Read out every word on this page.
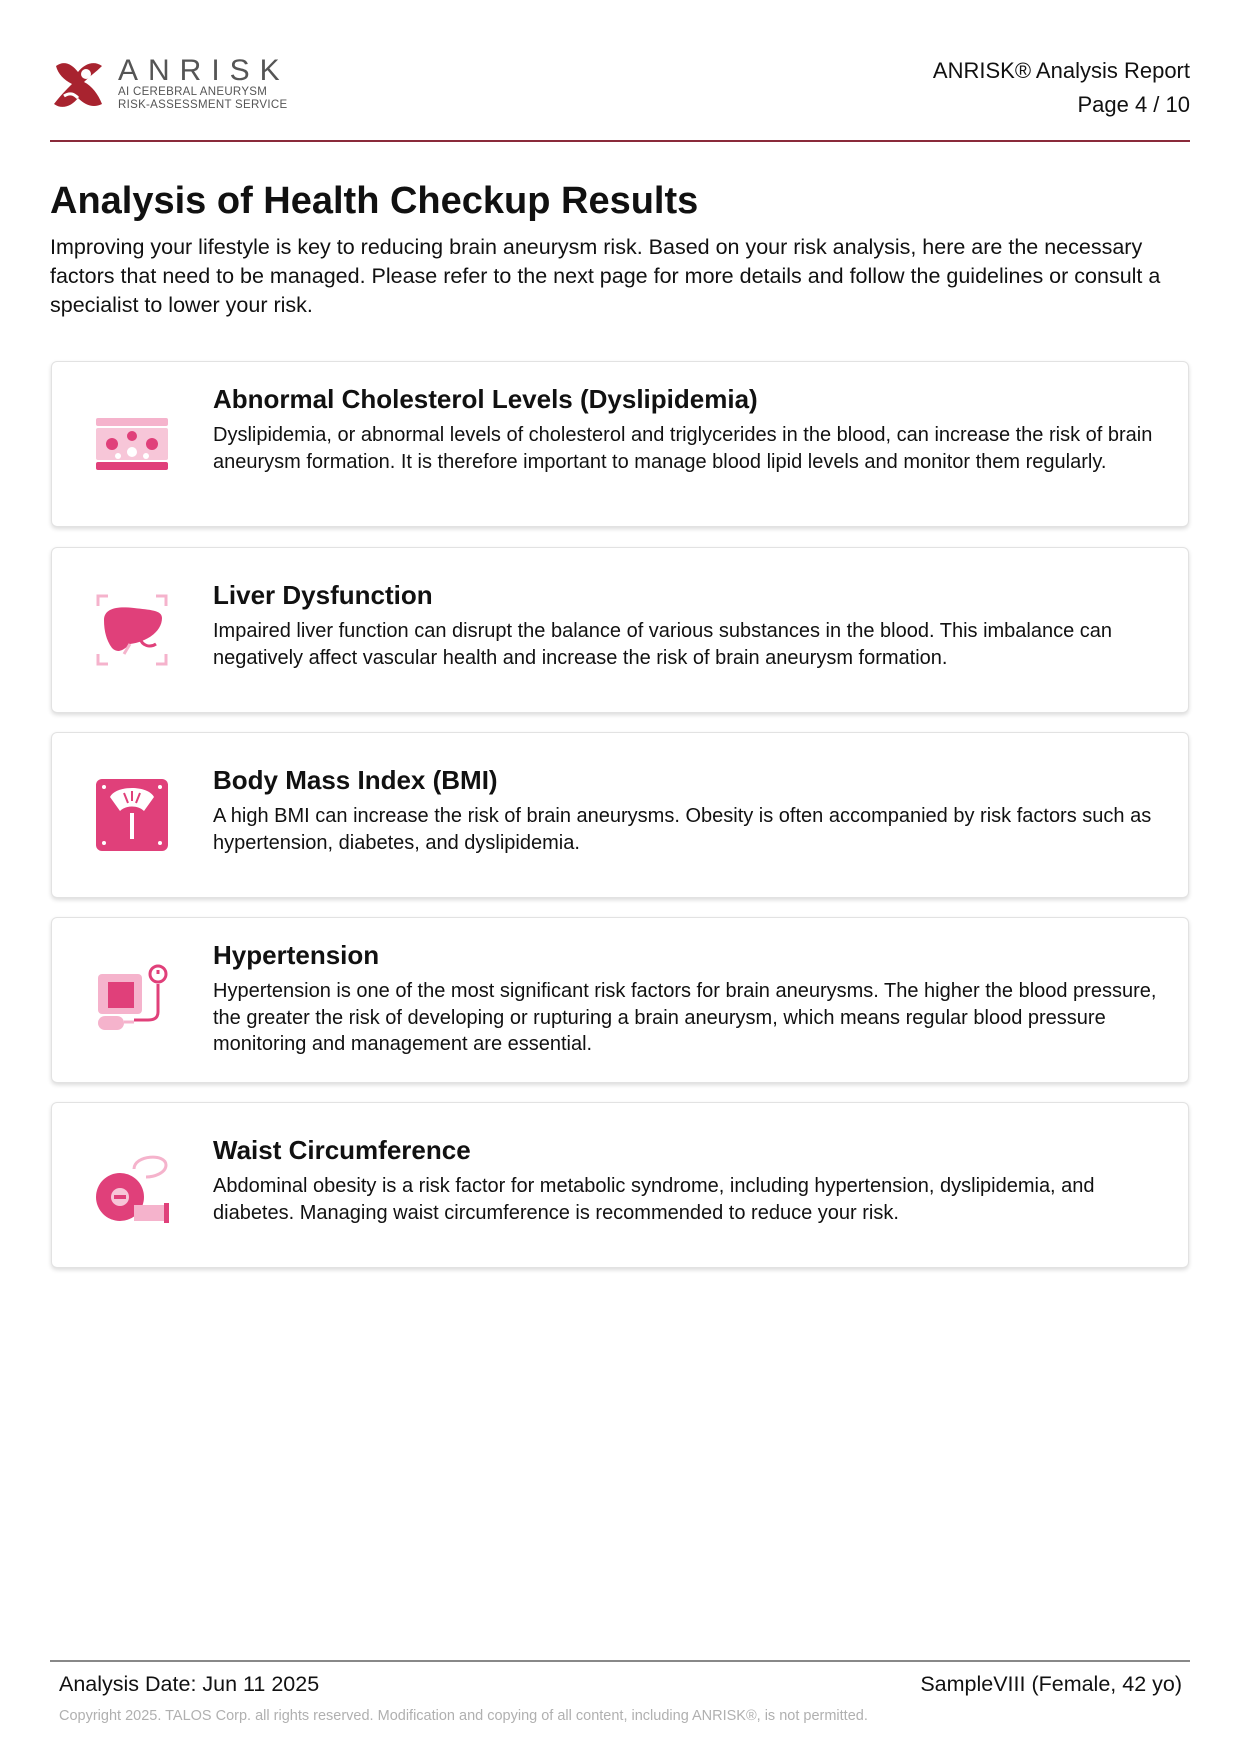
ANRISK
AI CEREBRAL ANEURYSM
RISK-ASSESSMENT SERVICE
ANRISK® Analysis Report
Page 4 / 10
Analysis of Health Checkup Results

Improving your lifestyle is key to reducing brain aneurysm risk. Based on your risk analysis, here are the necessary factors that need to be managed. Please refer to the next page for more details and follow the guidelines or consult a specialist to lower your risk.

Abnormal Cholesterol Levels (Dyslipidemia)

Dyslipidemia, or abnormal levels of cholesterol and triglycerides in the blood, can increase the risk of brain aneurysm formation. It is therefore important to manage blood lipid levels and monitor them regularly.

Liver Dysfunction

Impaired liver function can disrupt the balance of various substances in the blood. This imbalance can negatively affect vascular health and increase the risk of brain aneurysm formation.

Body Mass Index (BMI)

A high BMI can increase the risk of brain aneurysms. Obesity is often accompanied by risk factors such as hypertension, diabetes, and dyslipidemia.

Hypertension

Hypertension is one of the most significant risk factors for brain aneurysms. The higher the blood pressure, the greater the risk of developing or rupturing a brain aneurysm, which means regular blood pressure monitoring and management are essential.

Waist Circumference

Abdominal obesity is a risk factor for metabolic syndrome, including hypertension, dyslipidemia, and diabetes. Managing waist circumference is recommended to reduce your risk.

Analysis Date: Jun 11 2025	SampleVIII (Female, 42 yo)
Copyright 2025. TALOS Corp. all rights reserved. Modification and copying of all content, including ANRISK®, is not permitted.
